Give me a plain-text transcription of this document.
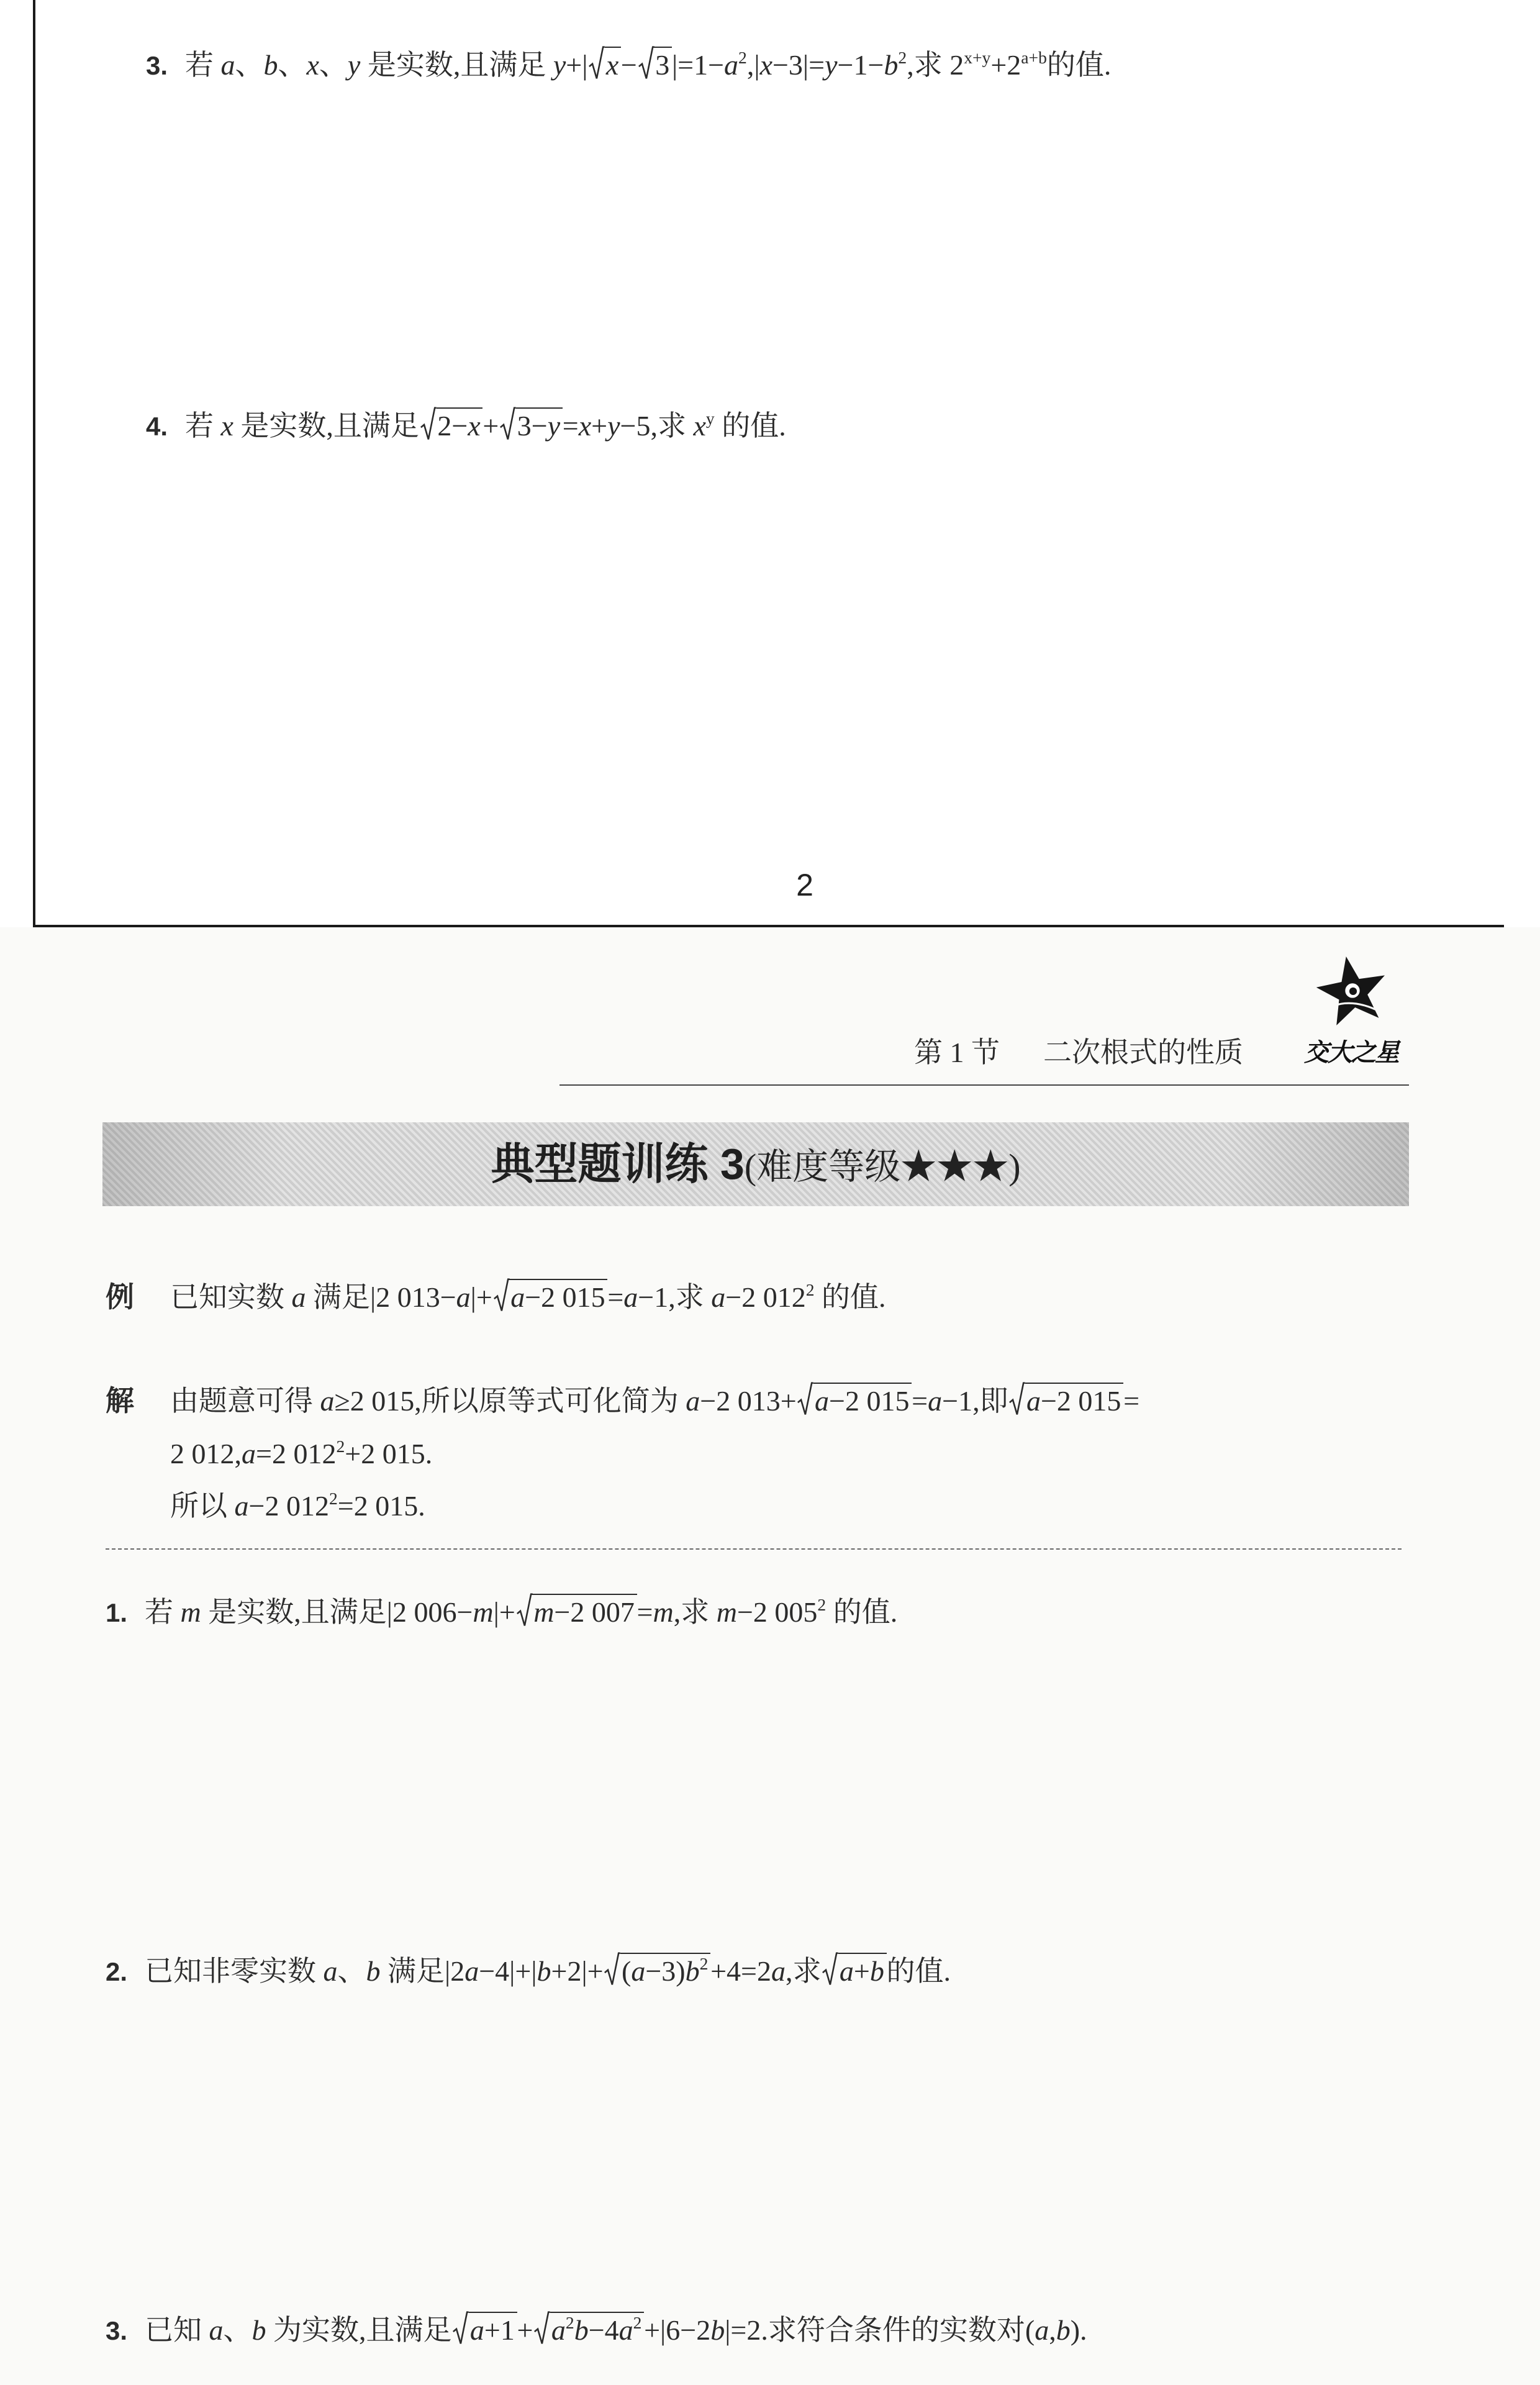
3. 若 a、b、x、y 是实数,且满足 y+| $x- 3|=1-a^2,|x-3|=y-1-b^2$,求 $2^{x+y}+2^{a+b}$的值.
4. 若 x 是实数,且满足 2−x+ 3−y=x+y−5,求 $x^y$ 的值.
2
第 1 节 二次根式的性质 交大之星
典型题训练 3(难度等级★★★)
例 已知实数 a 满足|2 013−a|+ a−2 015=a−1,求 a−2 $012^2$ 的值.
解 由题意可得 a≥2 015,所以原等式可化简为 a−2 013+ a−2 015=a−1,即 a−2 015=
2 012,a=2 $012^2+2$ 015.
所以 a−2 $012^2=2$ 015.
1. 若 m 是实数,且满足|2 006−m|+ m−2 007=m,求 m−2 $005^2$ 的值.
2. 已知非零实数 a、b 满足$|2a-4|+|b+2|+ (a-3)b^2+4=2a$,求 a+b的值.
3. 已知 a、b 为实数,且满足 $a+1+ a^2b-4a^2+|6-2b|=2$.求符合条件的实数对(a,b).
